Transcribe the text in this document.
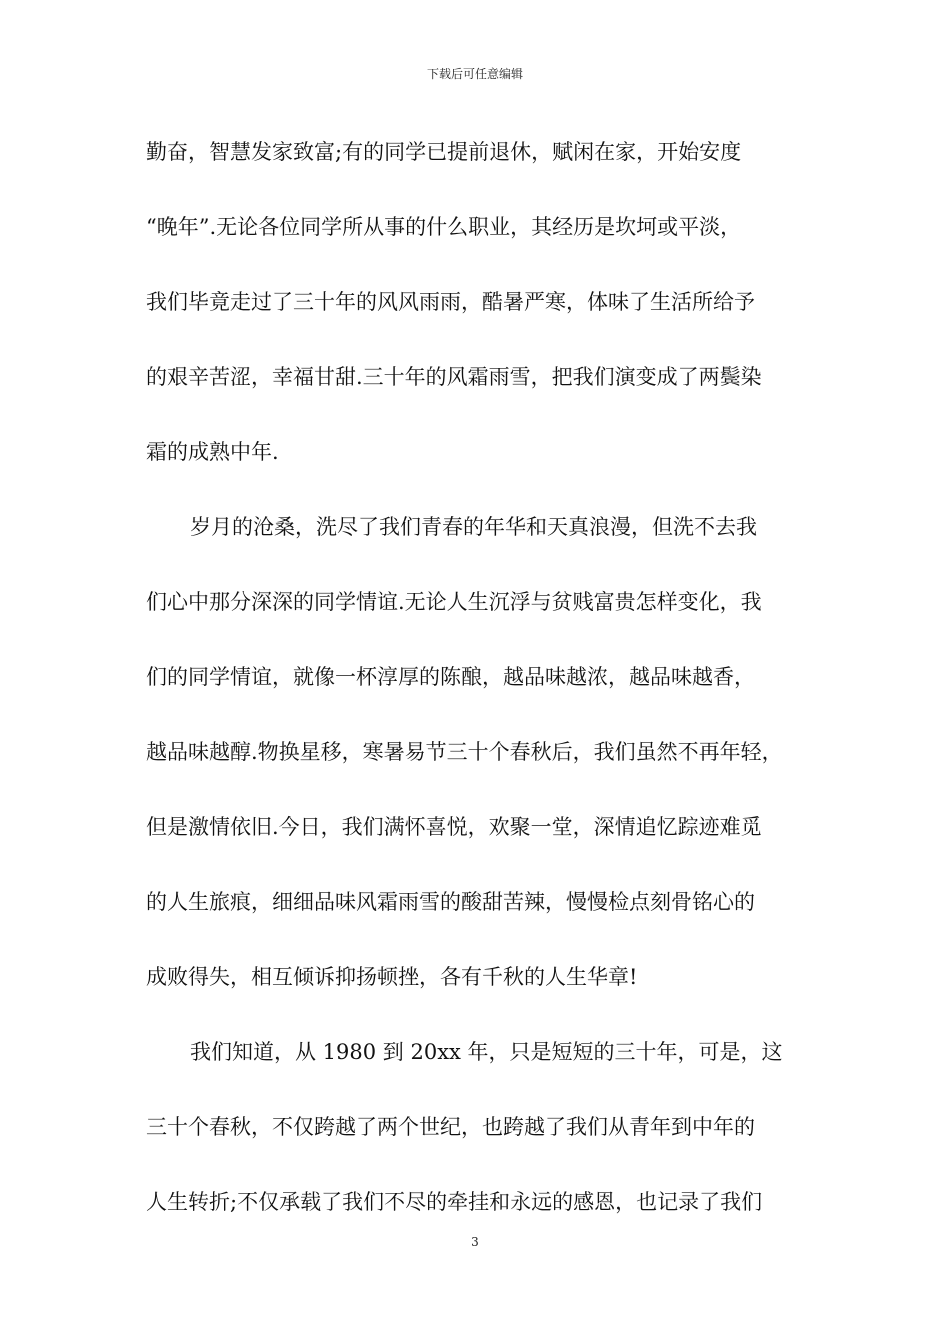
下载后可任意编辑
勤奋，智慧发家致富;有的同学已提前退休，赋闲在家，开始安度
“晚年”.无论各位同学所从事的什么职业，其经历是坎坷或平淡，
我们毕竟走过了三十年的风风雨雨，酷暑严寒，体味了生活所给予
的艰辛苦涩，幸福甘甜.三十年的风霜雨雪，把我们演变成了两鬓染
霜的成熟中年.
岁月的沧桑，洗尽了我们青春的年华和天真浪漫，但洗不去我
们心中那分深深的同学情谊.无论人生沉浮与贫贱富贵怎样变化，我
们的同学情谊，就像一杯淳厚的陈酿，越品味越浓，越品味越香，
越品味越醇.物换星移，寒暑易节三十个春秋后，我们虽然不再年轻，
但是激情依旧.今日，我们满怀喜悦，欢聚一堂，深情追忆踪迹难觅
的人生旅痕，细细品味风霜雨雪的酸甜苦辣，慢慢检点刻骨铭心的
成败得失，相互倾诉抑扬顿挫，各有千秋的人生华章!
我们知道，从 1980 到 20xx 年，只是短短的三十年，可是，这
三十个春秋，不仅跨越了两个世纪，也跨越了我们从青年到中年的
人生转折;不仅承载了我们不尽的牵挂和永远的感恩，也记录了我们
3
